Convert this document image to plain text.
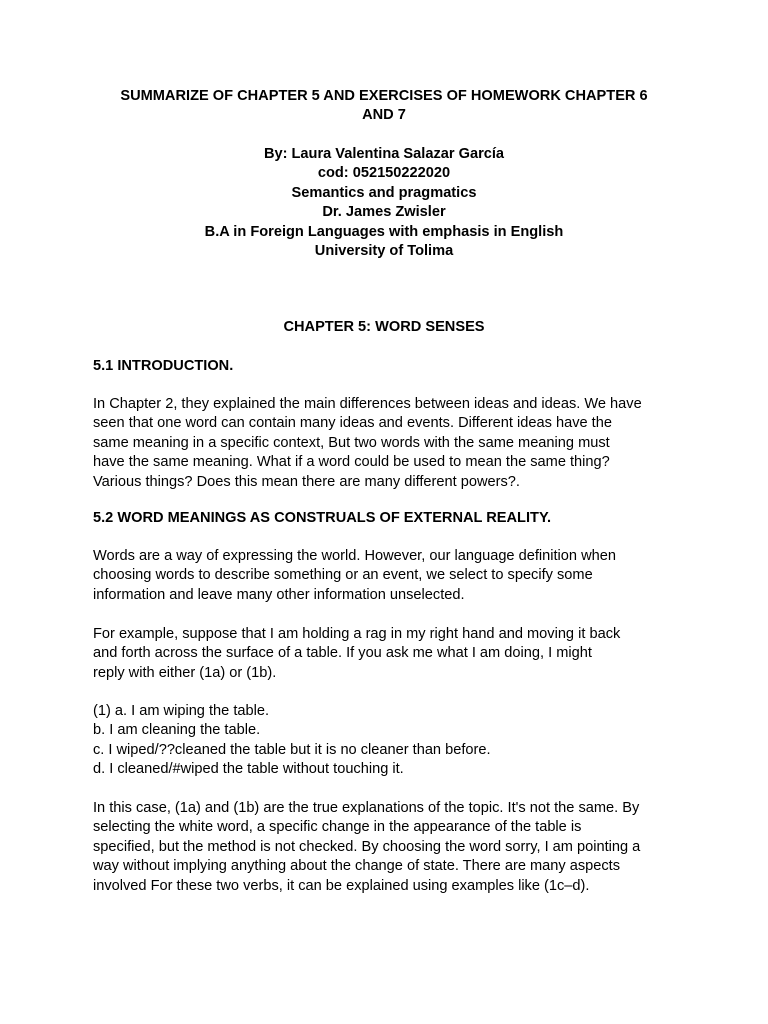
SUMMARIZE OF CHAPTER 5 AND EXERCISES OF HOMEWORK CHAPTER 6
AND 7
By: Laura Valentina Salazar García
cod: 052150222020
Semantics and pragmatics
Dr. James Zwisler
B.A in Foreign Languages with emphasis in English
University of Tolima
CHAPTER 5: WORD SENSES
5.1 INTRODUCTION.
In Chapter 2, they explained the main differences between ideas and ideas. We have
seen that one word can contain many ideas and events. Different ideas have the
same meaning in a specific context, But two words with the same meaning must
have the same meaning. What if a word could be used to mean the same thing?
Various things? Does this mean there are many different powers?.
5.2 WORD MEANINGS AS CONSTRUALS OF EXTERNAL REALITY.
Words are a way of expressing the world. However, our language definition when
choosing words to describe something or an event, we select to specify some
information and leave many other information unselected.
For example, suppose that I am holding a rag in my right hand and moving it back
and forth across the surface of a table. If you ask me what I am doing, I might
reply with either (1a) or (1b).
(1) a. I am wiping the table.
b. I am cleaning the table.
c. I wiped/??cleaned the table but it is no cleaner than before.
d. I cleaned/#wiped the table without touching it.
In this case, (1a) and (1b) are the true explanations of the topic. It's not the same. By
selecting the white word, a specific change in the appearance of the table is
specified, but the method is not checked. By choosing the word sorry, I am pointing a
way without implying anything about the change of state. There are many aspects
involved For these two verbs, it can be explained using examples like (1c–d).
